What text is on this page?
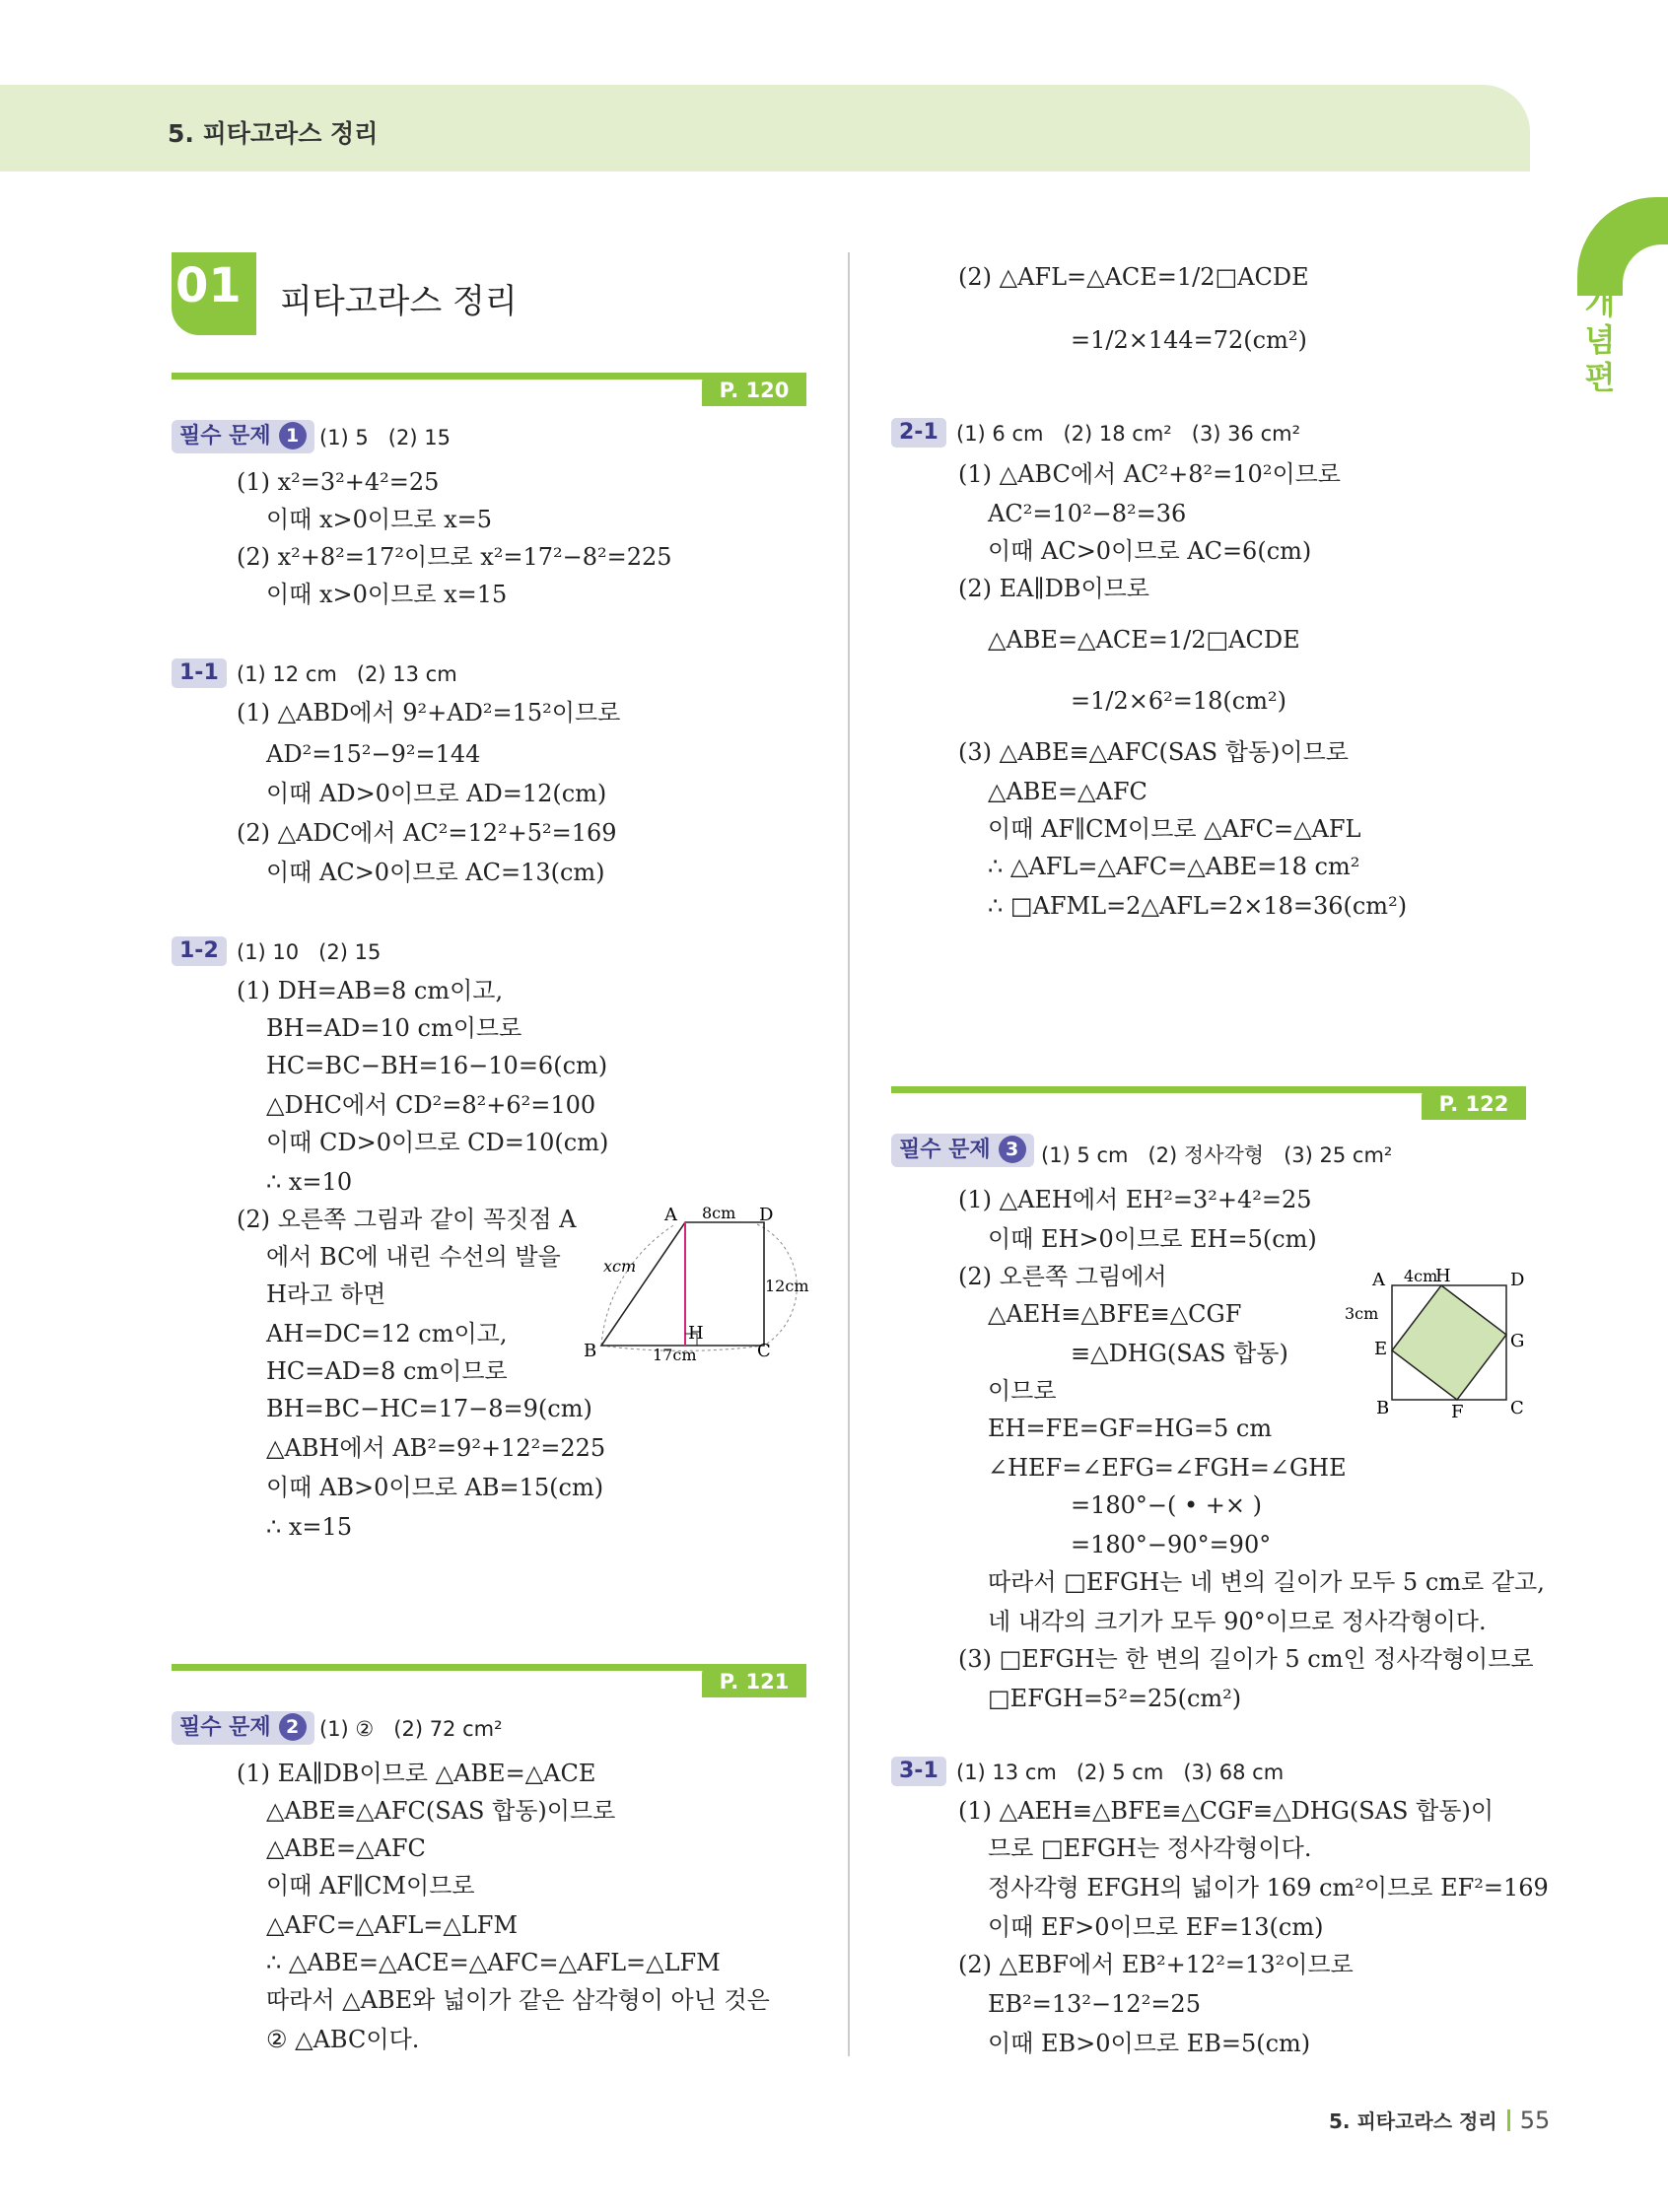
5. 피타고라스 정리
개
념
편
01 피타고라스 정리
P. 120
필수 문제 1 (1) 5   (2) 15
(1) x²=3²+4²=25
이때 x>0이므로 x=5
(2) x²+8²=17²이므로 x²=17²−8²=225
이때 x>0이므로 x=15
1-1 (1) 12 cm   (2) 13 cm
(1) △ABD에서 9²+AD²=15²이므로
AD²=15²−9²=144
이때 AD>0이므로 AD=12(cm)
(2) △ADC에서 AC²=12²+5²=169
이때 AC>0이므로 AC=13(cm)
1-2 (1) 10   (2) 15
(1) DH=AB=8 cm이고,
BH=AD=10 cm이므로
HC=BC−BH=16−10=6(cm)
△DHC에서 CD²=8²+6²=100
이때 CD>0이므로 CD=10(cm)
∴ x=10
(2) 오른쪽 그림과 같이 꼭짓점 A
에서 BC에 내린 수선의 발을
H라고 하면
AH=DC=12 cm이고,
HC=AD=8 cm이므로
BH=BC−HC=17−8=9(cm)
△ABH에서 AB²=9²+12²=225
이때 AB>0이므로 AB=15(cm)
∴ x=15
A	D
B	C
H
8cm
12cm
17cm
xcm
P. 121
필수 문제 2 (1) ②   (2) 72 cm²
(1) EA∥DB이므로 △ABE=△ACE
△ABE≡△AFC(SAS 합동)이므로
△ABE=△AFC
이때 AF∥CM이므로
△AFC=△AFL=△LFM
∴ △ABE=△ACE=△AFC=△AFL=△LFM
따라서 △ABE와 넓이가 같은 삼각형이 아닌 것은
② △ABC이다.
(2) △AFL=△ACE=1/2□ACDE
=1/2×144=72(cm²)
2-1 (1) 6 cm   (2) 18 cm²   (3) 36 cm²
(1) △ABC에서 AC²+8²=10²이므로
AC²=10²−8²=36
이때 AC>0이므로 AC=6(cm)
(2) EA∥DB이므로
△ABE=△ACE=1/2□ACDE
=1/2×6²=18(cm²)
(3) △ABE≡△AFC(SAS 합동)이므로
△ABE=△AFC
이때 AF∥CM이므로 △AFC=△AFL
∴ △AFL=△AFC=△ABE=18 cm²
∴ □AFML=2△AFL=2×18=36(cm²)
P. 122
필수 문제 3	(1) 5 cm   (2) 정사각형   (3) 25 cm²
(1) △AEH에서 EH²=3²+4²=25
이때 EH>0이므로 EH=5(cm)
(2) 오른쪽 그림에서
△AEH≡△BFE≡△CGF
≡△DHG(SAS 합동)
이므로
EH=FE=GF=HG=5 cm
∠HEF=∠EFG=∠FGH=∠GHE
=180°−( • +× )
=180°−90°=90°
따라서 □EFGH는 네 변의 길이가 모두 5 cm로 같고,
네 내각의 크기가 모두 90°이므로 정사각형이다.
(3) □EFGH는 한 변의 길이가 5 cm인 정사각형이므로
□EFGH=5²=25(cm²)
A	D
B	C
H
E
F
G
4cm
3cm
3-1 (1) 13 cm   (2) 5 cm   (3) 68 cm
(1) △AEH≡△BFE≡△CGF≡△DHG(SAS 합동)이
므로 □EFGH는 정사각형이다.
정사각형 EFGH의 넓이가 169 cm²이므로 EF²=169
이때 EF>0이므로 EF=13(cm)
(2) △EBF에서 EB²+12²=13²이므로
EB²=13²−12²=25
이때 EB>0이므로 EB=5(cm)
5. 피타고라스 정리 55
